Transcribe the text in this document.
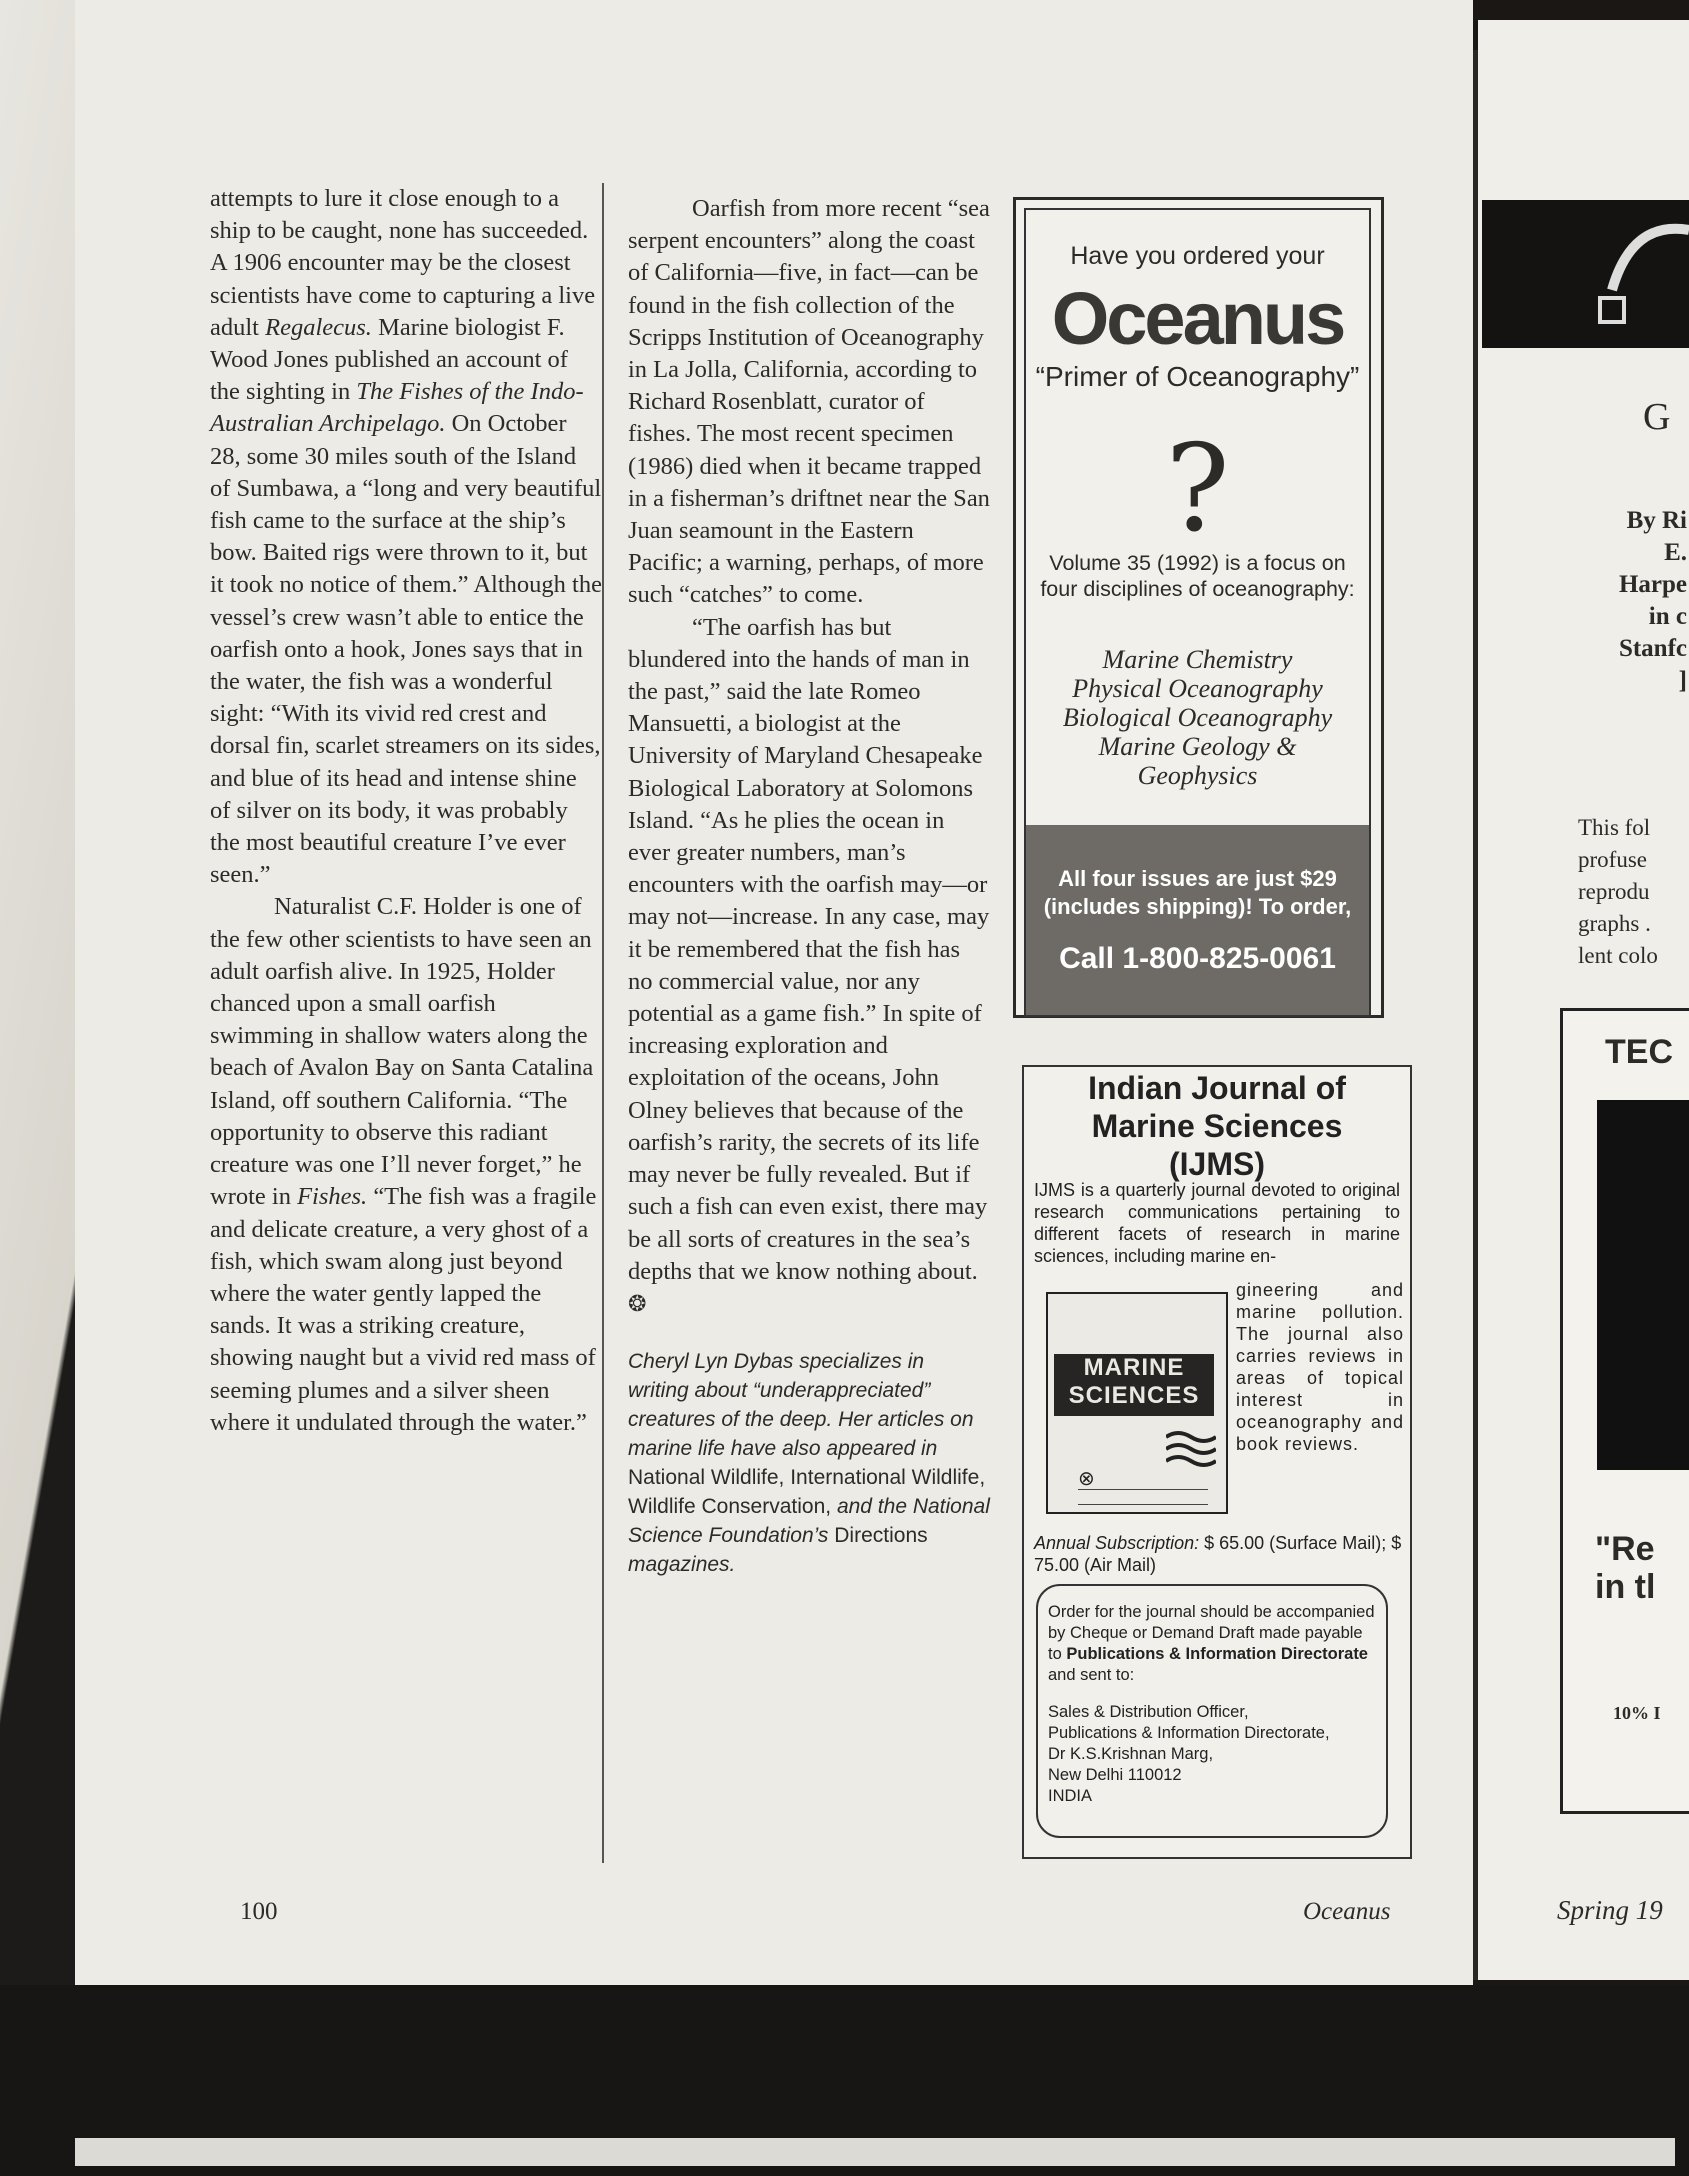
attempts to lure it close enough to a ship to be caught, none has succeeded.

A 1906 encounter may be the closest scientists have come to capturing a live adult Regalecus. Marine biologist F. Wood Jones published an account of the sighting in The Fishes of the Indo-Australian Archipelago. On October 28, some 30 miles south of the Island of Sumbawa, a “long and very beautiful fish came to the surface at the ship’s bow. Baited rigs were thrown to it, but it took no notice of them.” Although the vessel’s crew wasn’t able to entice the oarfish onto a hook, Jones says that in the water, the fish was a wonderful sight: “With its vivid red crest and dorsal fin, scarlet streamers on its sides, and blue of its head and intense shine of silver on its body, it was probably the most beautiful creature I’ve ever seen.”

Naturalist C.F. Holder is one of the few other scientists to have seen an adult oarfish alive. In 1925, Holder chanced upon a small oarfish swimming in shallow waters along the beach of Avalon Bay on Santa Catalina Island, off southern California. “The opportunity to observe this radiant creature was one I’ll never forget,” he wrote in Fishes. “The fish was a fragile and delicate creature, a very ghost of a fish, which swam along just beyond where the water gently lapped the sands. It was a striking creature, showing naught but a vivid red mass of seeming plumes and a silver sheen where it undulated through the water.”

Oarfish from more recent “sea serpent encounters” along the coast of California—five, in fact—can be found in the fish collection of the Scripps Institution of Oceanography in La Jolla, California, according to Richard Rosenblatt, curator of fishes. The most recent specimen (1986) died when it became trapped in a fisherman’s driftnet near the San Juan seamount in the Eastern Pacific; a warning, perhaps, of more such “catches” to come.

“The oarfish has but blundered into the hands of man in the past,” said the late Romeo Mansuetti, a biologist at the University of Maryland Chesapeake Biological Laboratory at Solomons Island. “As he plies the ocean in ever greater numbers, man’s encounters with the oarfish may—or may not—increase. In any case, may it be remembered that the fish has no commercial value, nor any potential as a game fish.” In spite of increasing exploration and exploitation of the oceans, John Olney believes that because of the oarfish’s rarity, the secrets of its life may never be fully revealed. But if such a fish can even exist, there may be all sorts of creatures in the sea’s depths that we know nothing about. ❂

Cheryl Lyn Dybas specializes in writing about “underappreciated” creatures of the deep. Her articles on marine life have also appeared in National Wildlife, International Wildlife, Wildlife Conservation, and the National Science Foundation’s Directions magazines.

100	Oceanus
Have you ordered your
Oceanus
“Primer of Oceanography”
?
Volume 35 (1992) is a focus on four disciplines of oceanography:
Marine Chemistry
Physical Oceanography
Biological Oceanography
Marine Geology &
Geophysics
All four issues are just $29
(includes shipping)! To order,
Call 1-800-825-0061
Indian Journal of
Marine Sciences
(IJMS)
IJMS is a quarterly journal devoted to original research communications pertaining to different facets of research in marine sciences, including marine en-
MARINE
SCIENCES
⊗
gineering and marine pollution. The journal also carries reviews in areas of topical interest in oceanography and book reviews.
Annual Subscription: $ 65.00 (Surface Mail); $ 75.00 (Air Mail)
Order for the journal should be accompanied by Cheque or Demand Draft made payable to Publications & Information Directorate and sent to:
Sales & Distribution Officer,
Publications & Information Directorate,
Dr K.S.Krishnan Marg,
New Delhi 110012
INDIA
G
By Ri
E.
Harpe
in c
Stanfc
]
This fol
profuse
reprodu
graphs .
lent colo
TEC
"Re
in tl
10% I
Spring 19
